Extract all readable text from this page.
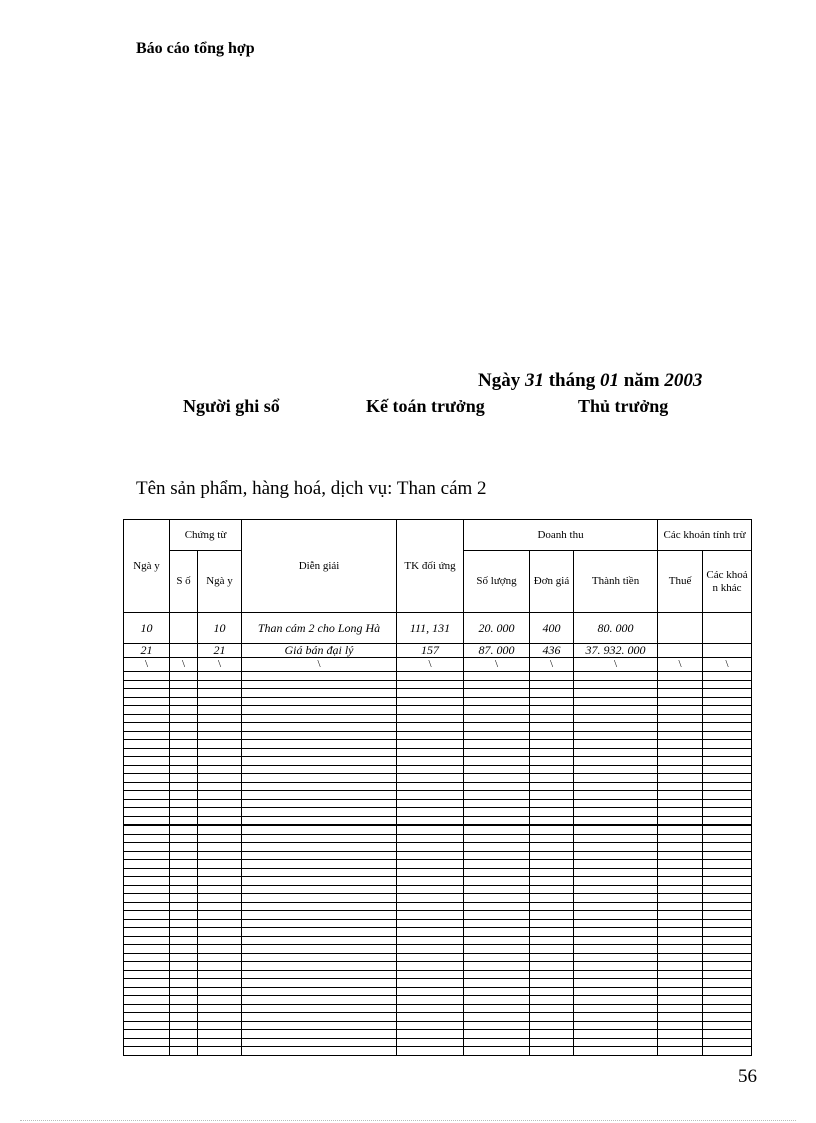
Báo cáo tổng hợp
Ngày 31 tháng 01 năm 2003
Người ghi sổ	Kế toán trưởng	Thủ trưởng
Tên sản phẩm, hàng hoá, dịch vụ: Than cám 2
Ngà y	Chứng từ		Diễn giải	TK đối ứng	Doanh thu			Các khoản tính trừ	
	S ố	Ngà y			Số lượng	Đơn giá	Thành tiền	Thuế	Các khoả n khác
10		10	Than cám 2 cho Long Hà	111, 131	20. 000	400	80. 000		
21		21	Giá bán đại lý	157	87. 000	436	37. 932. 000		
\	\	\	\	\	\	\	\	\	\

56
